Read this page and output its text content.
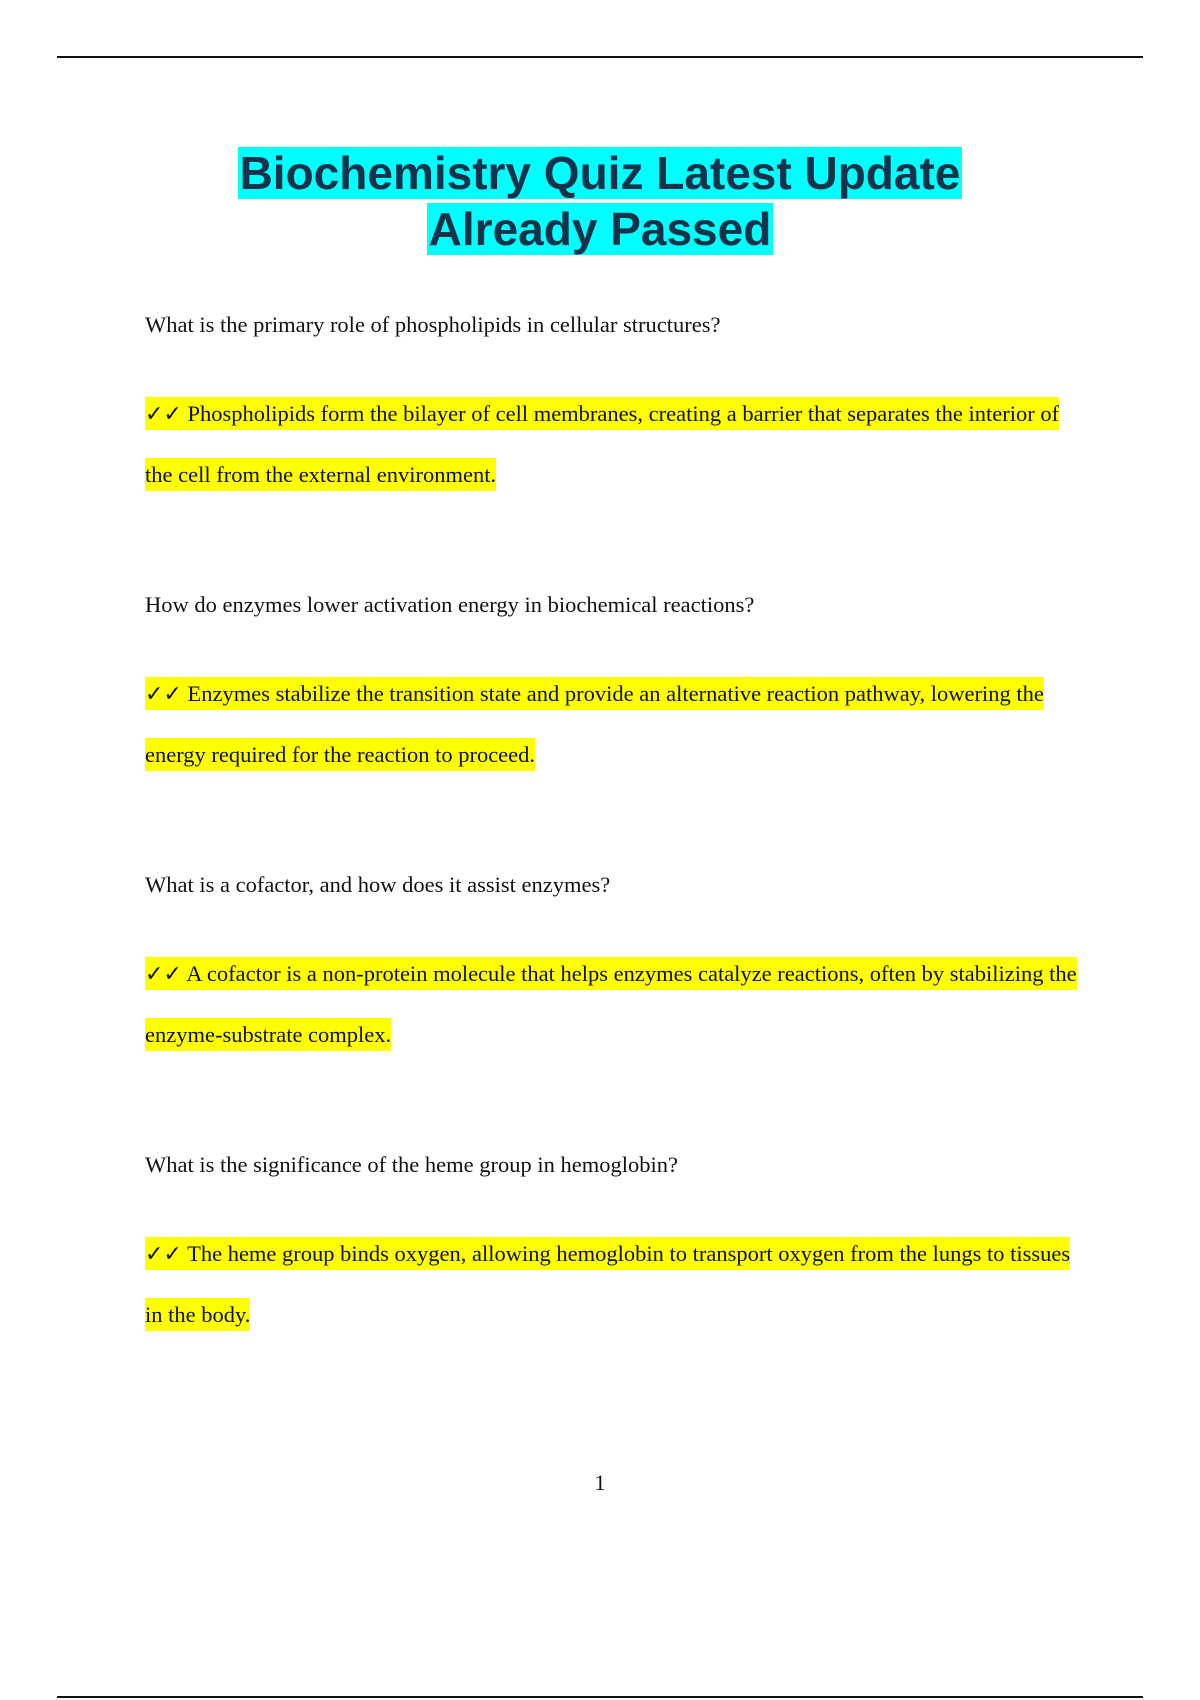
Biochemistry Quiz Latest Update
Already Passed

What is the primary role of phospholipids in cellular structures?

✓✓ Phospholipids form the bilayer of cell membranes, creating a barrier that separates the interior of the cell from the external environment.

How do enzymes lower activation energy in biochemical reactions?

✓✓ Enzymes stabilize the transition state and provide an alternative reaction pathway, lowering the energy required for the reaction to proceed.

What is a cofactor, and how does it assist enzymes?

✓✓ A cofactor is a non-protein molecule that helps enzymes catalyze reactions, often by stabilizing the enzyme-substrate complex.

What is the significance of the heme group in hemoglobin?

✓✓ The heme group binds oxygen, allowing hemoglobin to transport oxygen from the lungs to tissues in the body.

1
